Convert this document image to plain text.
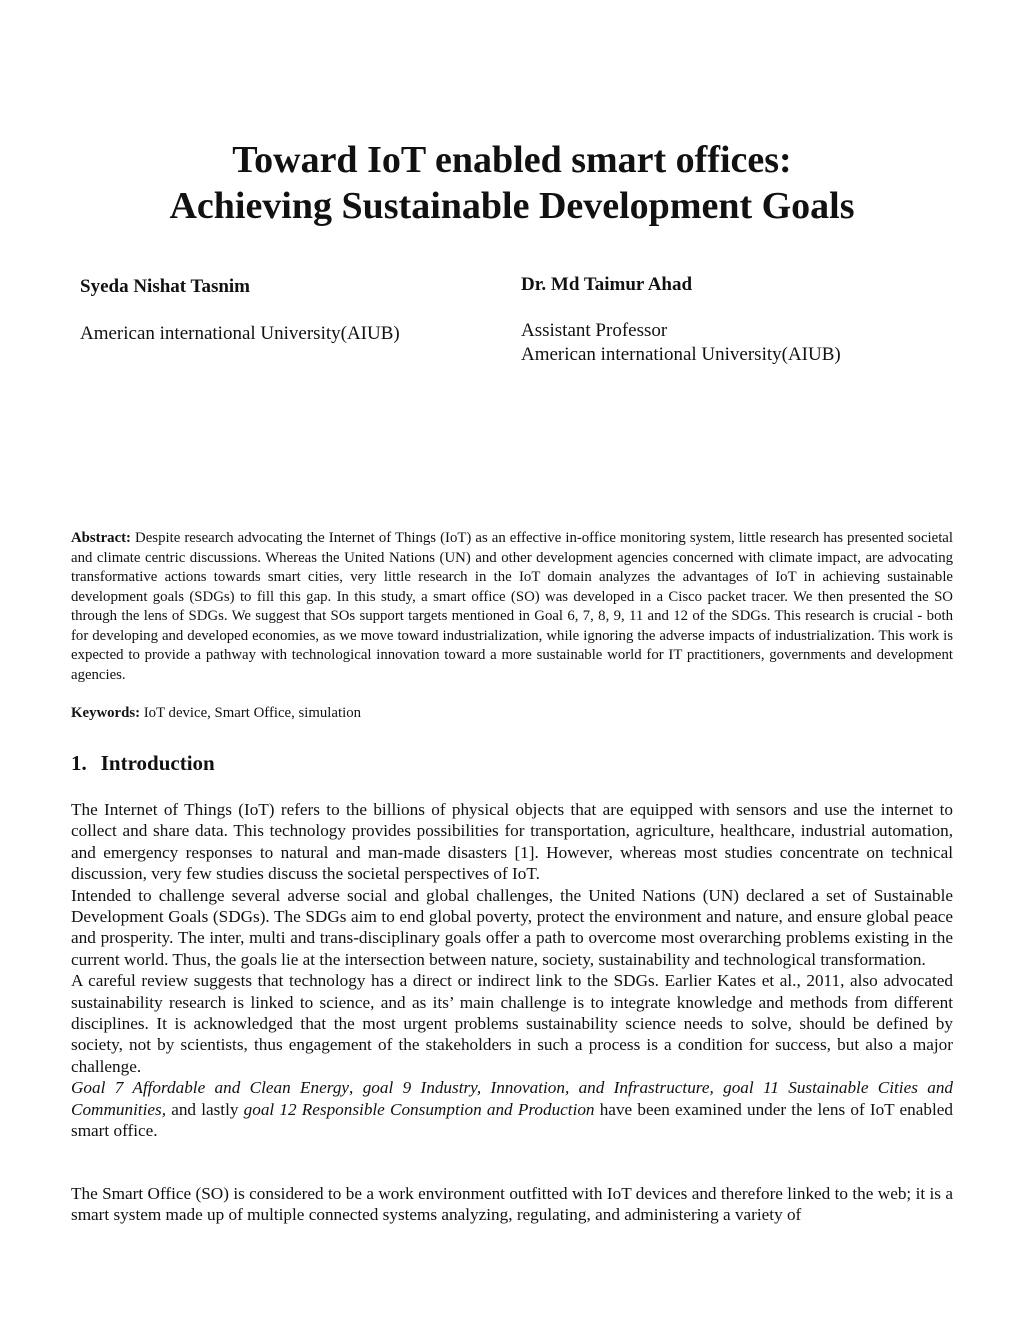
Toward IoT enabled smart offices:
Achieving Sustainable Development Goals
Syeda Nishat Tasnim
American international University(AIUB)
Dr. Md Taimur Ahad
Assistant Professor
American international University(AIUB)

Abstract: Despite research advocating the Internet of Things (IoT) as an effective in-office monitoring system, little research has presented societal and climate centric discussions. Whereas the United Nations (UN) and other development agencies concerned with climate impact, are advocating transformative actions towards smart cities, very little research in the IoT domain analyzes the advantages of IoT in achieving sustainable development goals (SDGs) to fill this gap. In this study, a smart office (SO) was developed in a Cisco packet tracer. We then presented the SO through the lens of SDGs. We suggest that SOs support targets mentioned in Goal 6, 7, 8, 9, 11 and 12 of the SDGs. This research is crucial - both for developing and developed economies, as we move toward industrialization, while ignoring the adverse impacts of industrialization. This work is expected to provide a pathway with technological innovation toward a more sustainable world for IT practitioners, governments and development agencies.

Keywords: IoT device, Smart Office, simulation

1. Introduction

The Internet of Things (IoT) refers to the billions of physical objects that are equipped with sensors and use the internet to collect and share data. This technology provides possibilities for transportation, agriculture, healthcare, industrial automation, and emergency responses to natural and man-made disasters [1]. However, whereas most studies concentrate on technical discussion, very few studies discuss the societal perspectives of IoT.

Intended to challenge several adverse social and global challenges, the United Nations (UN) declared a set of Sustainable Development Goals (SDGs). The SDGs aim to end global poverty, protect the environment and nature, and ensure global peace and prosperity. The inter, multi and trans-disciplinary goals offer a path to overcome most overarching problems existing in the current world. Thus, the goals lie at the intersection between nature, society, sustainability and technological transformation.

A careful review suggests that technology has a direct or indirect link to the SDGs. Earlier Kates et al., 2011, also advocated sustainability research is linked to science, and as its’ main challenge is to integrate knowledge and methods from different disciplines. It is acknowledged that the most urgent problems sustainability science needs to solve, should be defined by society, not by scientists, thus engagement of the stakeholders in such a process is a condition for success, but also a major challenge.

Goal 7 Affordable and Clean Energy, goal 9 Industry, Innovation, and Infrastructure, goal 11 Sustainable Cities and Communities, and lastly goal 12 Responsible Consumption and Production have been examined under the lens of IoT enabled smart office.

The Smart Office (SO) is considered to be a work environment outfitted with IoT devices and therefore linked to the web; it is a smart system made up of multiple connected systems analyzing, regulating, and administering a variety of
